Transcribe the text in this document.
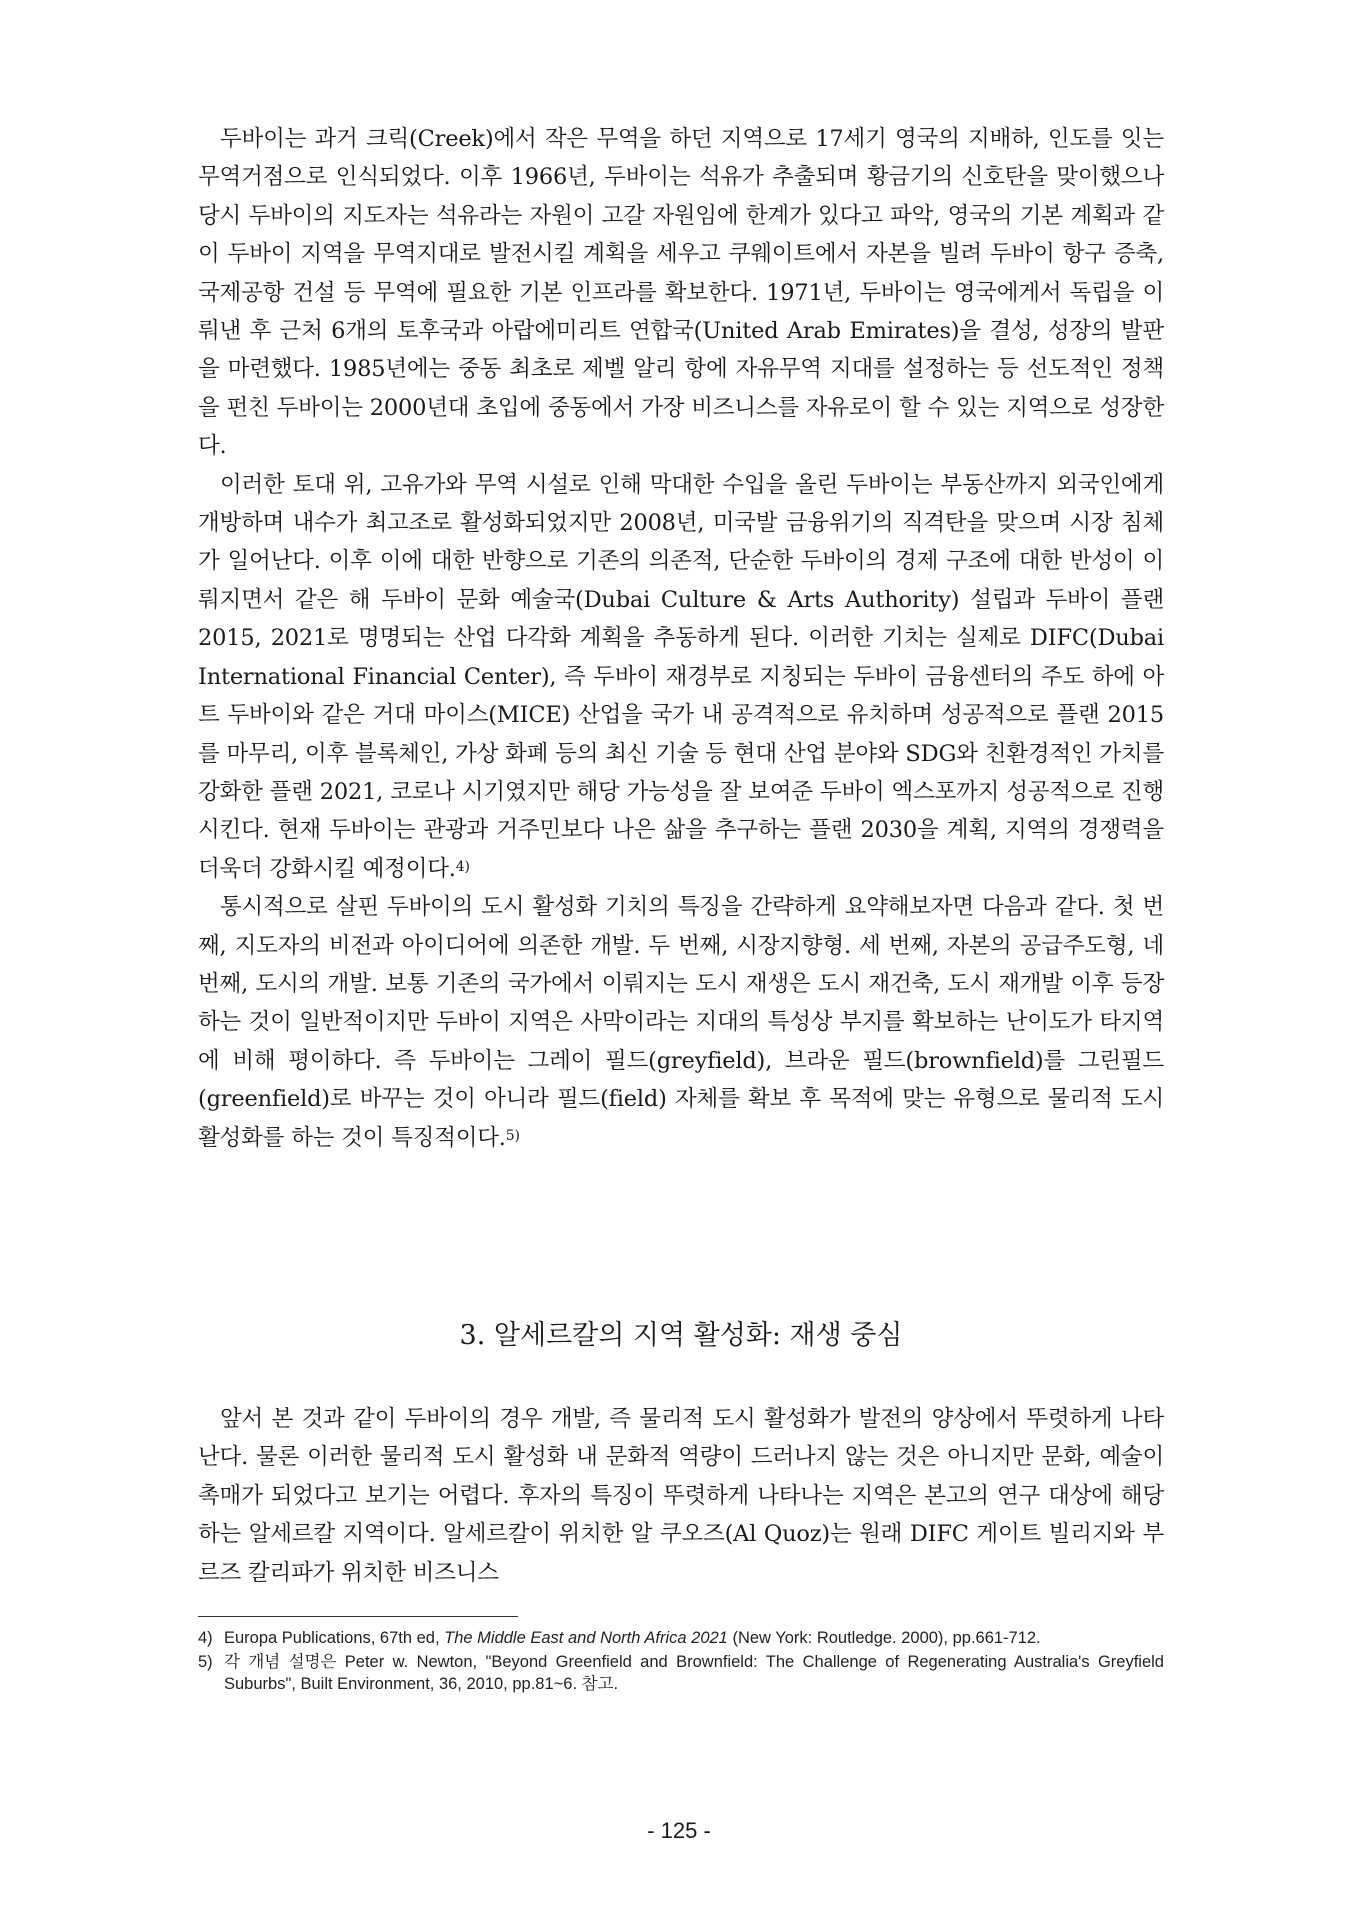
두바이는 과거 크릭(Creek)에서 작은 무역을 하던 지역으로 17세기 영국의 지배하, 인도를 잇는 무역거점으로 인식되었다. 이후 1966년, 두바이는 석유가 추출되며 황금기의 신호탄을 맞이했으나 당시 두바이의 지도자는 석유라는 자원이 고갈 자원임에 한계가 있다고 파악, 영국의 기본 계획과 같이 두바이 지역을 무역지대로 발전시킬 계획을 세우고 쿠웨이트에서 자본을 빌려 두바이 항구 증축, 국제공항 건설 등 무역에 필요한 기본 인프라를 확보한다. 1971년, 두바이는 영국에게서 독립을 이뤄낸 후 근처 6개의 토후국과 아랍에미리트 연합국(United Arab Emirates)을 결성, 성장의 발판을 마련했다. 1985년에는 중동 최초로 제벨 알리 항에 자유무역 지대를 설정하는 등 선도적인 정책을 펀친 두바이는 2000년대 초입에 중동에서 가장 비즈니스를 자유로이 할 수 있는 지역으로 성장한다.

이러한 토대 위, 고유가와 무역 시설로 인해 막대한 수입을 올린 두바이는 부동산까지 외국인에게 개방하며 내수가 최고조로 활성화되었지만 2008년, 미국발 금융위기의 직격탄을 맞으며 시장 침체가 일어난다. 이후 이에 대한 반향으로 기존의 의존적, 단순한 두바이의 경제 구조에 대한 반성이 이뤄지면서 같은 해 두바이 문화 예술국(Dubai Culture & Arts Authority) 설립과 두바이 플랜 2015, 2021로 명명되는 산업 다각화 계획을 추동하게 된다. 이러한 기치는 실제로 DIFC(Dubai International Financial Center), 즉 두바이 재경부로 지칭되는 두바이 금융센터의 주도 하에 아트 두바이와 같은 거대 마이스(MICE) 산업을 국가 내 공격적으로 유치하며 성공적으로 플랜 2015를 마무리, 이후 블록체인, 가상 화폐 등의 최신 기술 등 현대 산업 분야와 SDG와 친환경적인 가치를 강화한 플랜 2021, 코로나 시기였지만 해당 가능성을 잘 보여준 두바이 엑스포까지 성공적으로 진행시킨다. 현재 두바이는 관광과 거주민보다 나은 삶을 추구하는 플랜 2030을 계획, 지역의 경쟁력을 더욱더 강화시킬 예정이다.$^{4)}$

통시적으로 살핀 두바이의 도시 활성화 기치의 특징을 간략하게 요약해보자면 다음과 같다. 첫 번째, 지도자의 비전과 아이디어에 의존한 개발. 두 번째, 시장지향형. 세 번째, 자본의 공급주도형, 네 번째, 도시의 개발. 보통 기존의 국가에서 이뤄지는 도시 재생은 도시 재건축, 도시 재개발 이후 등장하는 것이 일반적이지만 두바이 지역은 사막이라는 지대의 특성상 부지를 확보하는 난이도가 타지역에 비해 평이하다. 즉 두바이는 그레이 필드(greyfield), 브라운 필드(brownfield)를 그린필드(greenfield)로 바꾸는 것이 아니라 필드(field) 자체를 확보 후 목적에 맞는 유형으로 물리적 도시 활성화를 하는 것이 특징적이다.$^{5)}$

3. 알세르칼의 지역 활성화: 재생 중심

앞서 본 것과 같이 두바이의 경우 개발, 즉 물리적 도시 활성화가 발전의 양상에서 뚜렷하게 나타난다. 물론 이러한 물리적 도시 활성화 내 문화적 역량이 드러나지 않는 것은 아니지만 문화, 예술이 촉매가 되었다고 보기는 어렵다. 후자의 특징이 뚜렷하게 나타나는 지역은 본고의 연구 대상에 해당하는 알세르칼 지역이다. 알세르칼이 위치한 알 쿠오즈(Al Quoz)는 원래 DIFC 게이트 빌리지와 부르즈 칼리파가 위치한 비즈니스

4) Europa Publications, 67th ed, The Middle East and North Africa 2021 (New York: Routledge. 2000), pp.661-712.
5) 각 개념 설명은 Peter w. Newton, "Beyond Greenfield and Brownfield: The Challenge of Regenerating Australia's Greyfield Suburbs", Built Environment, 36, 2010, pp.81~6. 참고.
- 125 -
